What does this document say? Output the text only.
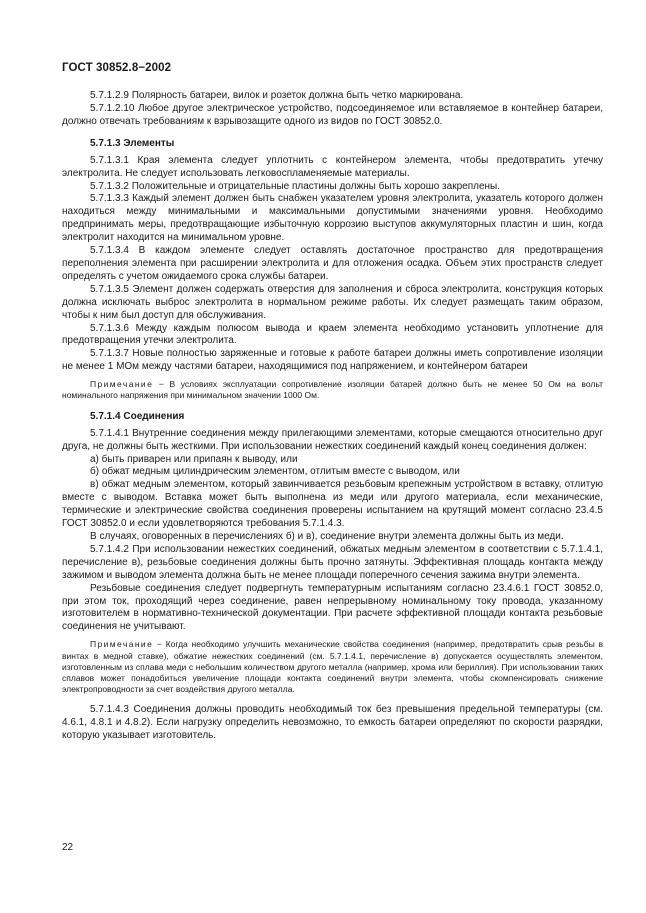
ГОСТ 30852.8−2002

5.7.1.2.9 Полярность батареи, вилок и розеток должна быть четко маркирована.

5.7.1.2.10 Любое другое электрическое устройство, подсоединяемое или вставляемое в контейнер батареи, должно отвечать требованиям к взрывозащите одного из видов по ГОСТ 30852.0.

5.7.1.3 Элементы

5.7.1.3.1 Края элемента следует уплотнить с контейнером элемента, чтобы предотвратить утечку электролита. Не следует использовать легковоспламеняемые материалы.

5.7.1.3.2 Положительные и отрицательные пластины должны быть хорошо закреплены.

5.7.1.3.3 Каждый элемент должен быть снабжен указателем уровня электролита, указатель которого должен находиться между минимальными и максимальными допустимыми значениями уровня. Необходимо предпринимать меры, предотвращающие избыточную коррозию выступов аккумуляторных пластин и шин, когда электролит находится на минимальном уровне.

5.7.1.3.4 В каждом элементе следует оставлять достаточное пространство для предотвращения переполнения элемента при расширении электролита и для отложения осадка. Объем этих пространств следует определять с учетом ожидаемого срока службы батареи.

5.7.1.3.5 Элемент должен содержать отверстия для заполнения и сброса электролита, конструкция которых должна исключать выброс электролита в нормальном режиме работы. Их следует размещать таким образом, чтобы к ним был доступ для обслуживания.

5.7.1.3.6 Между каждым полюсом вывода и краем элемента необходимо установить уплотнение для предотвращения утечки электролита.

5.7.1.3.7 Новые полностью заряженные и готовые к работе батареи должны иметь сопротивление изоляции не менее 1 МОм между частями батареи, находящимися под напряжением, и контейнером батареи

Примечание − В условиях эксплуатации сопротивление изоляции батарей должно быть не менее 50 Ом на вольт номинального напряжения при минимальном значении 1000 Ом.

5.7.1.4 Соединения

5.7.1.4.1 Внутренние соединения между прилегающими элементами, которые смещаются относительно друг друга, не должны быть жесткими. При использовании нежестких соединений каждый конец соединения должен:

а) быть приварен или припаян к выводу, или

б) обжат медным цилиндрическим элементом, отлитым вместе с выводом, или

в) обжат медным элементом, который завинчивается резьбовым крепежным устройством в вставку, отлитую вместе с выводом. Вставка может быть выполнена из меди или другого материала, если механические, термические и электрические свойства соединения проверены испытанием на крутящий момент согласно 23.4.5 ГОСТ 30852.0 и если удовлетворяются требования 5.7.1.4.3.

В случаях, оговоренных в перечислениях б) и в), соединение внутри элемента должны быть из меди.

5.7.1.4.2 При использовании нежестких соединений, обжатых медным элементом в соответствии с 5.7.1.4.1, перечисление в), резьбовые соединения должны быть прочно затянуты. Эффективная площадь контакта между зажимом и выводом элемента должна быть не менее площади поперечного сечения зажима внутри элемента.

Резьбовые соединения следует подвергнуть температурным испытаниям согласно 23.4.6.1 ГОСТ 30852.0, при этом ток, проходящий через соединение, равен непрерывному номинальному току провода, указанному изготовителем в нормативно-технической документации. При расчете эффективной площади контакта резьбовые соединения не учитывают.

Примечание − Когда необходимо улучшить механические свойства соединения (например, предотвратить срыв резьбы в винтах в медной ставке), обжатие нежестких соединений (см. 5.7.1.4.1, перечисление в) допускается осуществлять элементом, изготовленным из сплава меди с небольшим количеством другого металла (например, хрома или бериллия). При использовании таких сплавов может понадобиться увеличение площади контакта соединений внутри элемента, чтобы скомпенсировать снижение электропроводности за счет воздействия другого металла.

5.7.1.4.3 Соединения должны проводить необходимый ток без превышения предельной температуры (см. 4.6.1, 4.8.1 и 4.8.2). Если нагрузку определить невозможно, то емкость батареи определяют по скорости разрядки, которую указывает изготовитель.

22
